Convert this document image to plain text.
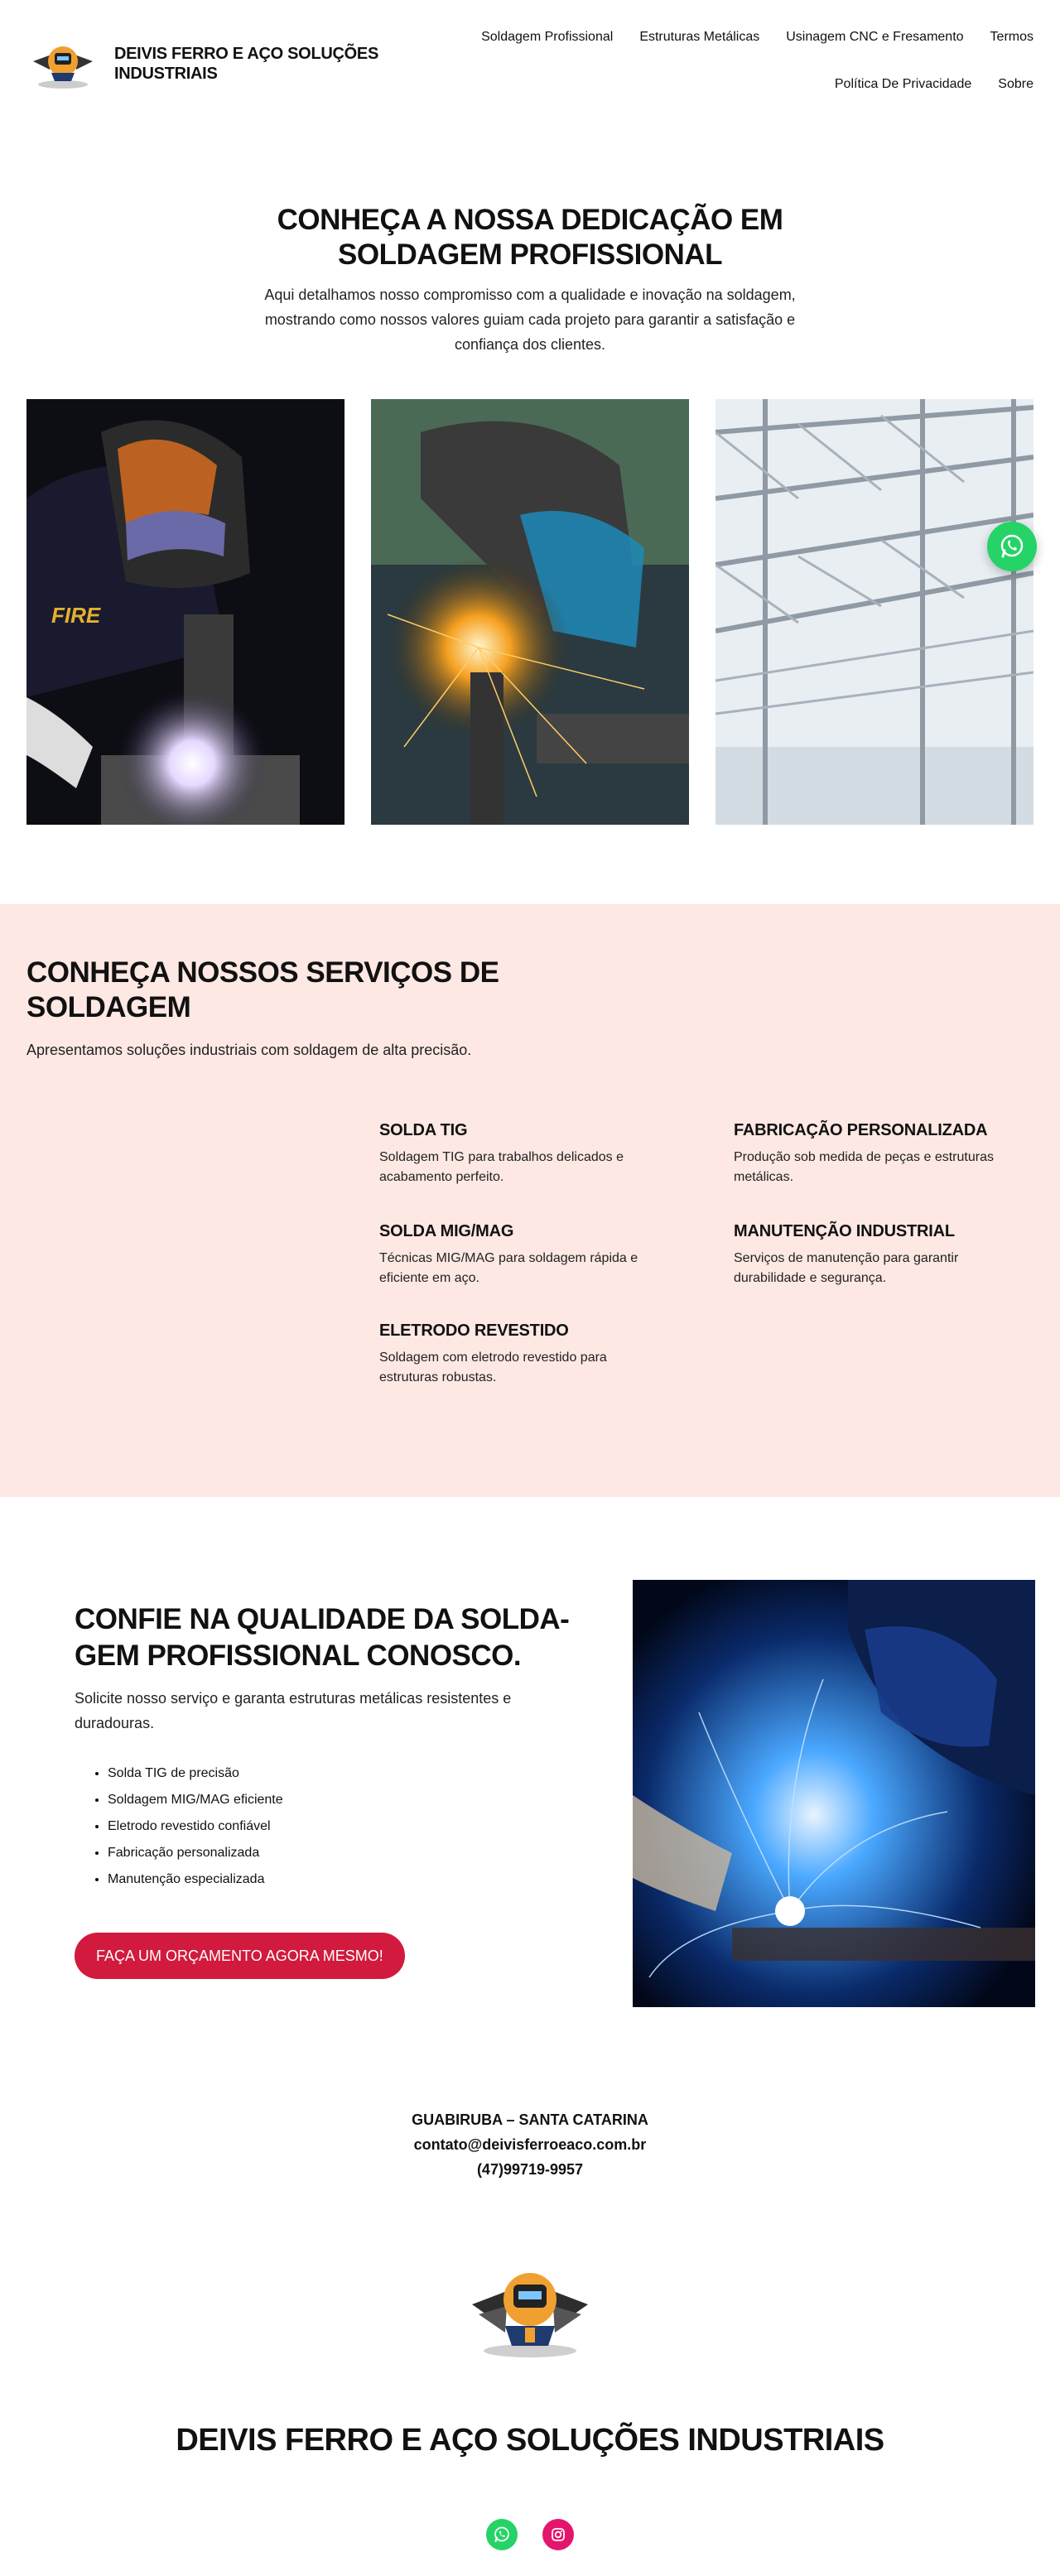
DEIVIS FERRO E AÇO SOLUÇÕES INDUSTRIAIS
Soldagem Profissional Estruturas Metálicas Usinagem CNC e Fresamento Termos
Política De Privacidade Sobre
CONHEÇA A NOSSA DEDICAÇÃO EM SOLDAGEM PROFISSIONAL

Aqui detalhamos nosso compromisso com a qualidade e inovação na soldagem, mostrando como nossos valores guiam cada projeto para garantir a satisfação e confiança dos clientes.

FIRE
CONHEÇA NOSSOS SERVIÇOS DE SOLDAGEM

Apresentamos soluções industriais com soldagem de alta precisão.

SOLDA TIG

Soldagem TIG para trabalhos delicados e acabamento perfeito.

FABRICAÇÃO PERSONALIZADA

Produção sob medida de peças e estruturas metálicas.

SOLDA MIG/MAG

Técnicas MIG/MAG para soldagem rápida e eficiente em aço.

MANUTENÇÃO INDUSTRIAL

Serviços de manutenção para garantir durabilidade e segurança.

ELETRODO REVESTIDO

Soldagem com eletrodo revestido para estruturas robustas.

CONFIE NA QUALIDADE DA SOLDA-GEM PROFISSIONAL CONOSCO.

Solicite nosso serviço e garanta estruturas metálicas resistentes e duradouras.

• Solda TIG de precisão
• Soldagem MIG/MAG eficiente
• Eletrodo revestido confiável
• Fabricação personalizada
• Manutenção especializada
FAÇA UM ORÇAMENTO AGORA MESMO!
GUABIRUBA – SANTA CATARINA
contato@deivisferroeaco.com.br
(47)99719-9957
DEIVIS FERRO E AÇO SOLUÇÕES INDUSTRIAIS
